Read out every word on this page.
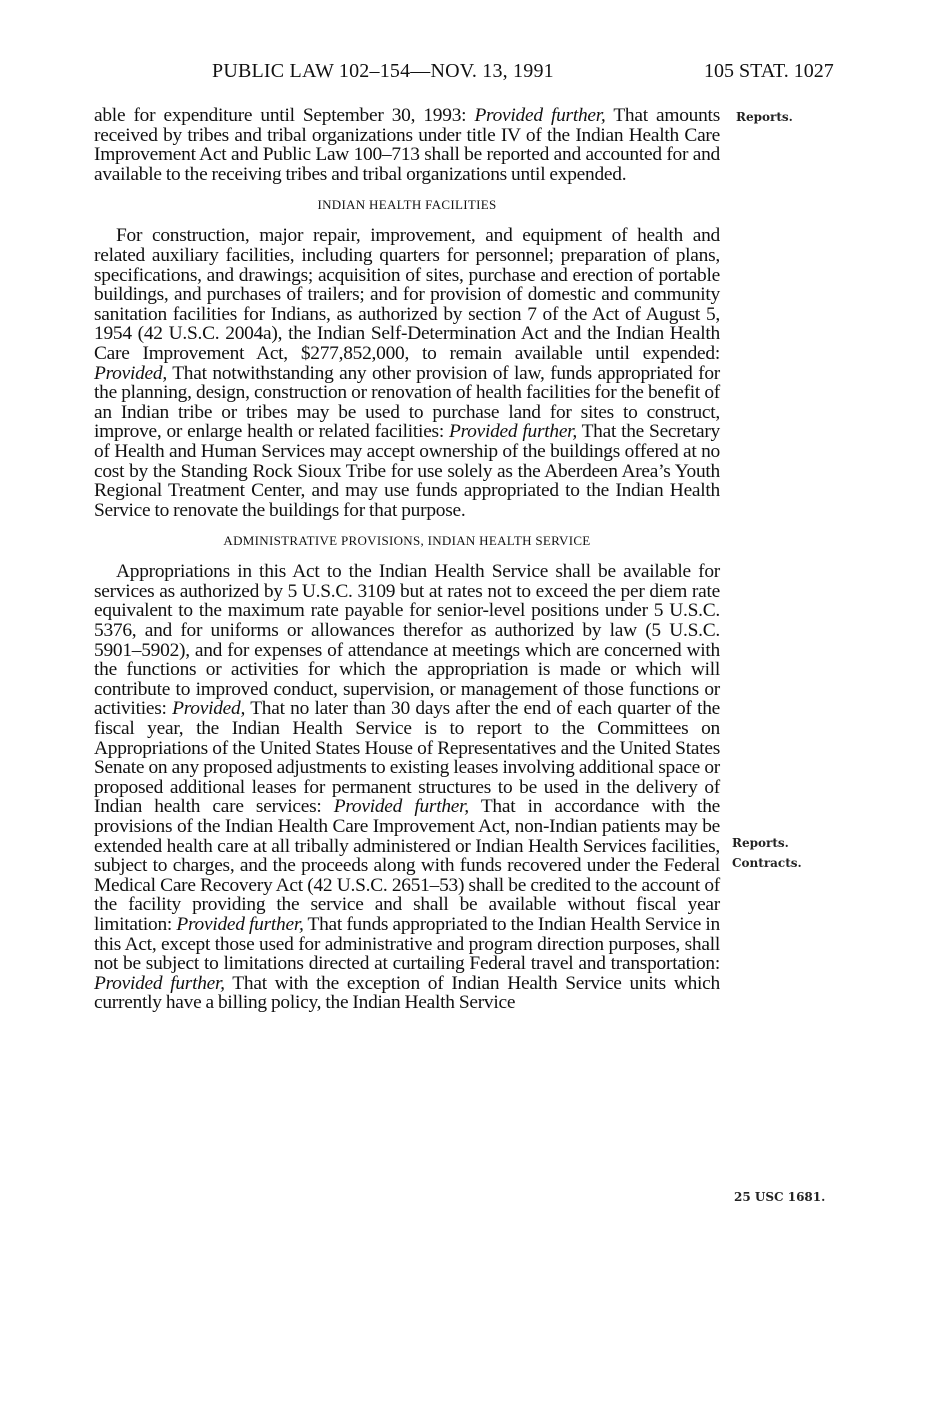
PUBLIC LAW 102–154—NOV. 13, 1991	105 STAT. 1027

able for expenditure until September 30, 1993: Provided further, That amounts received by tribes and tribal organizations under title IV of the Indian Health Care Improvement Act and Public Law 100–713 shall be reported and accounted for and available to the receiving tribes and tribal organizations until expended.

INDIAN HEALTH FACILITIES

For construction, major repair, improvement, and equipment of health and related auxiliary facilities, including quarters for personnel; preparation of plans, specifications, and drawings; acquisition of sites, purchase and erection of portable buildings, and purchases of trailers; and for provision of domestic and community sanitation facilities for Indians, as authorized by section 7 of the Act of August 5, 1954 (42 U.S.C. 2004a), the Indian Self-Determination Act and the Indian Health Care Improvement Act, $277,852,000, to remain available until expended: Provided, That notwithstanding any other provision of law, funds appropriated for the planning, design, construction or renovation of health facilities for the benefit of an Indian tribe or tribes may be used to purchase land for sites to construct, improve, or enlarge health or related facilities: Provided further, That the Secretary of Health and Human Services may accept ownership of the buildings offered at no cost by the Standing Rock Sioux Tribe for use solely as the Aberdeen Area’s Youth Regional Treatment Center, and may use funds appropriated to the Indian Health Service to renovate the buildings for that purpose.

ADMINISTRATIVE PROVISIONS, INDIAN HEALTH SERVICE

Appropriations in this Act to the Indian Health Service shall be available for services as authorized by 5 U.S.C. 3109 but at rates not to exceed the per diem rate equivalent to the maximum rate payable for senior-level positions under 5 U.S.C. 5376, and for uniforms or allowances therefor as authorized by law (5 U.S.C. 5901–5902), and for expenses of attendance at meetings which are concerned with the functions or activities for which the appropriation is made or which will contribute to improved conduct, supervision, or management of those functions or activities: Provided, That no later than 30 days after the end of each quarter of the fiscal year, the Indian Health Service is to report to the Committees on Appropriations of the United States House of Representatives and the United States Senate on any proposed adjustments to existing leases involving additional space or proposed additional leases for permanent structures to be used in the delivery of Indian health care services: Provided further, That in accordance with the provisions of the Indian Health Care Improvement Act, non-Indian patients may be extended health care at all tribally administered or Indian Health Services facilities, subject to charges, and the proceeds along with funds recovered under the Federal Medical Care Recovery Act (42 U.S.C. 2651–53) shall be credited to the account of the facility providing the service and shall be available without fiscal year limitation: Provided further, That funds appropriated to the Indian Health Service in this Act, except those used for administrative and program direction purposes, shall not be subject to limitations directed at curtailing Federal travel and transportation: Provided further, That with the exception of Indian Health Service units which currently have a billing policy, the Indian Health Service

Reports.
Reports.
Contracts.
25 USC 1681.
